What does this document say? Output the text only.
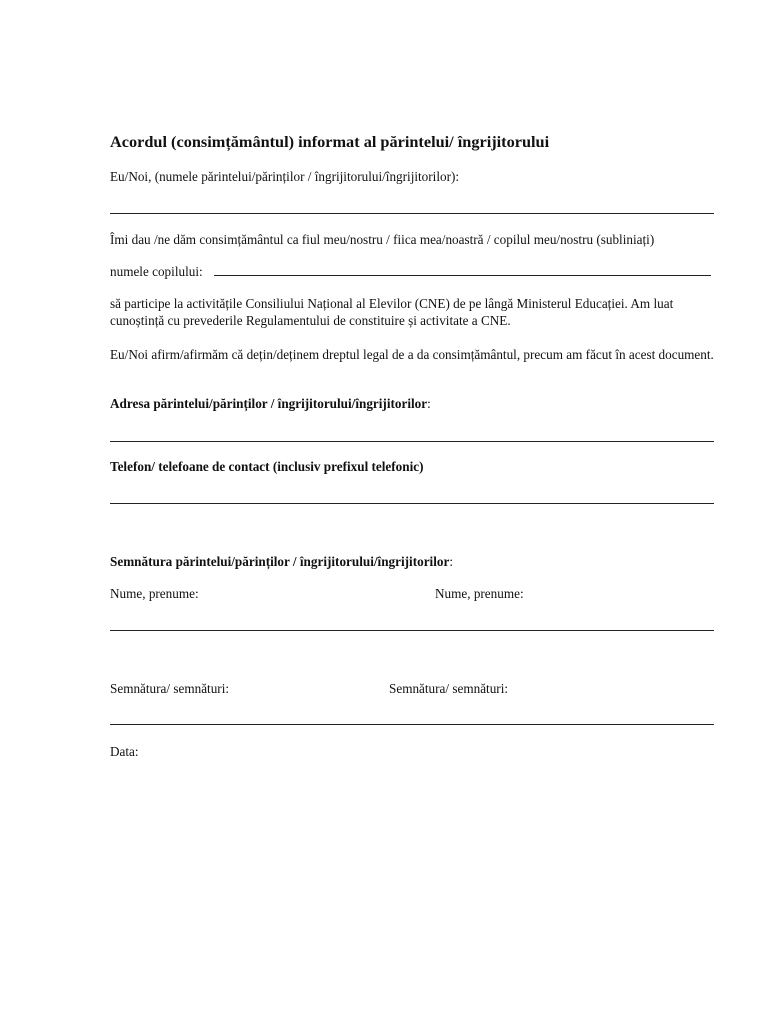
Acordul (consimțământul) informat al părintelui/ îngrijitorului
Eu/Noi, (numele părintelui/părinților / îngrijitorului/îngrijitorilor):
Îmi dau /ne dăm consimțământul ca fiul meu/nostru / fiica mea/noastră / copilul meu/nostru (subliniați)
numele copilului:
să participe la activitățile Consiliului Național al Elevilor (CNE) de pe lângă Ministerul Educației. Am luat cunoștință cu prevederile Regulamentului de constituire și activitate a CNE.
Eu/Noi afirm/afirmăm că dețin/deținem dreptul legal de a da consimțământul, precum am făcut în acest document.
Adresa părintelui/părinților / îngrijitorului/îngrijitorilor:
Telefon/ telefoane de contact (inclusiv prefixul telefonic)
Semnătura părintelui/părinților / îngrijitorului/îngrijitorilor:
Nume, prenume:	Nume, prenume:
Semnătura/ semnături:	Semnătura/ semnături:
Data:
